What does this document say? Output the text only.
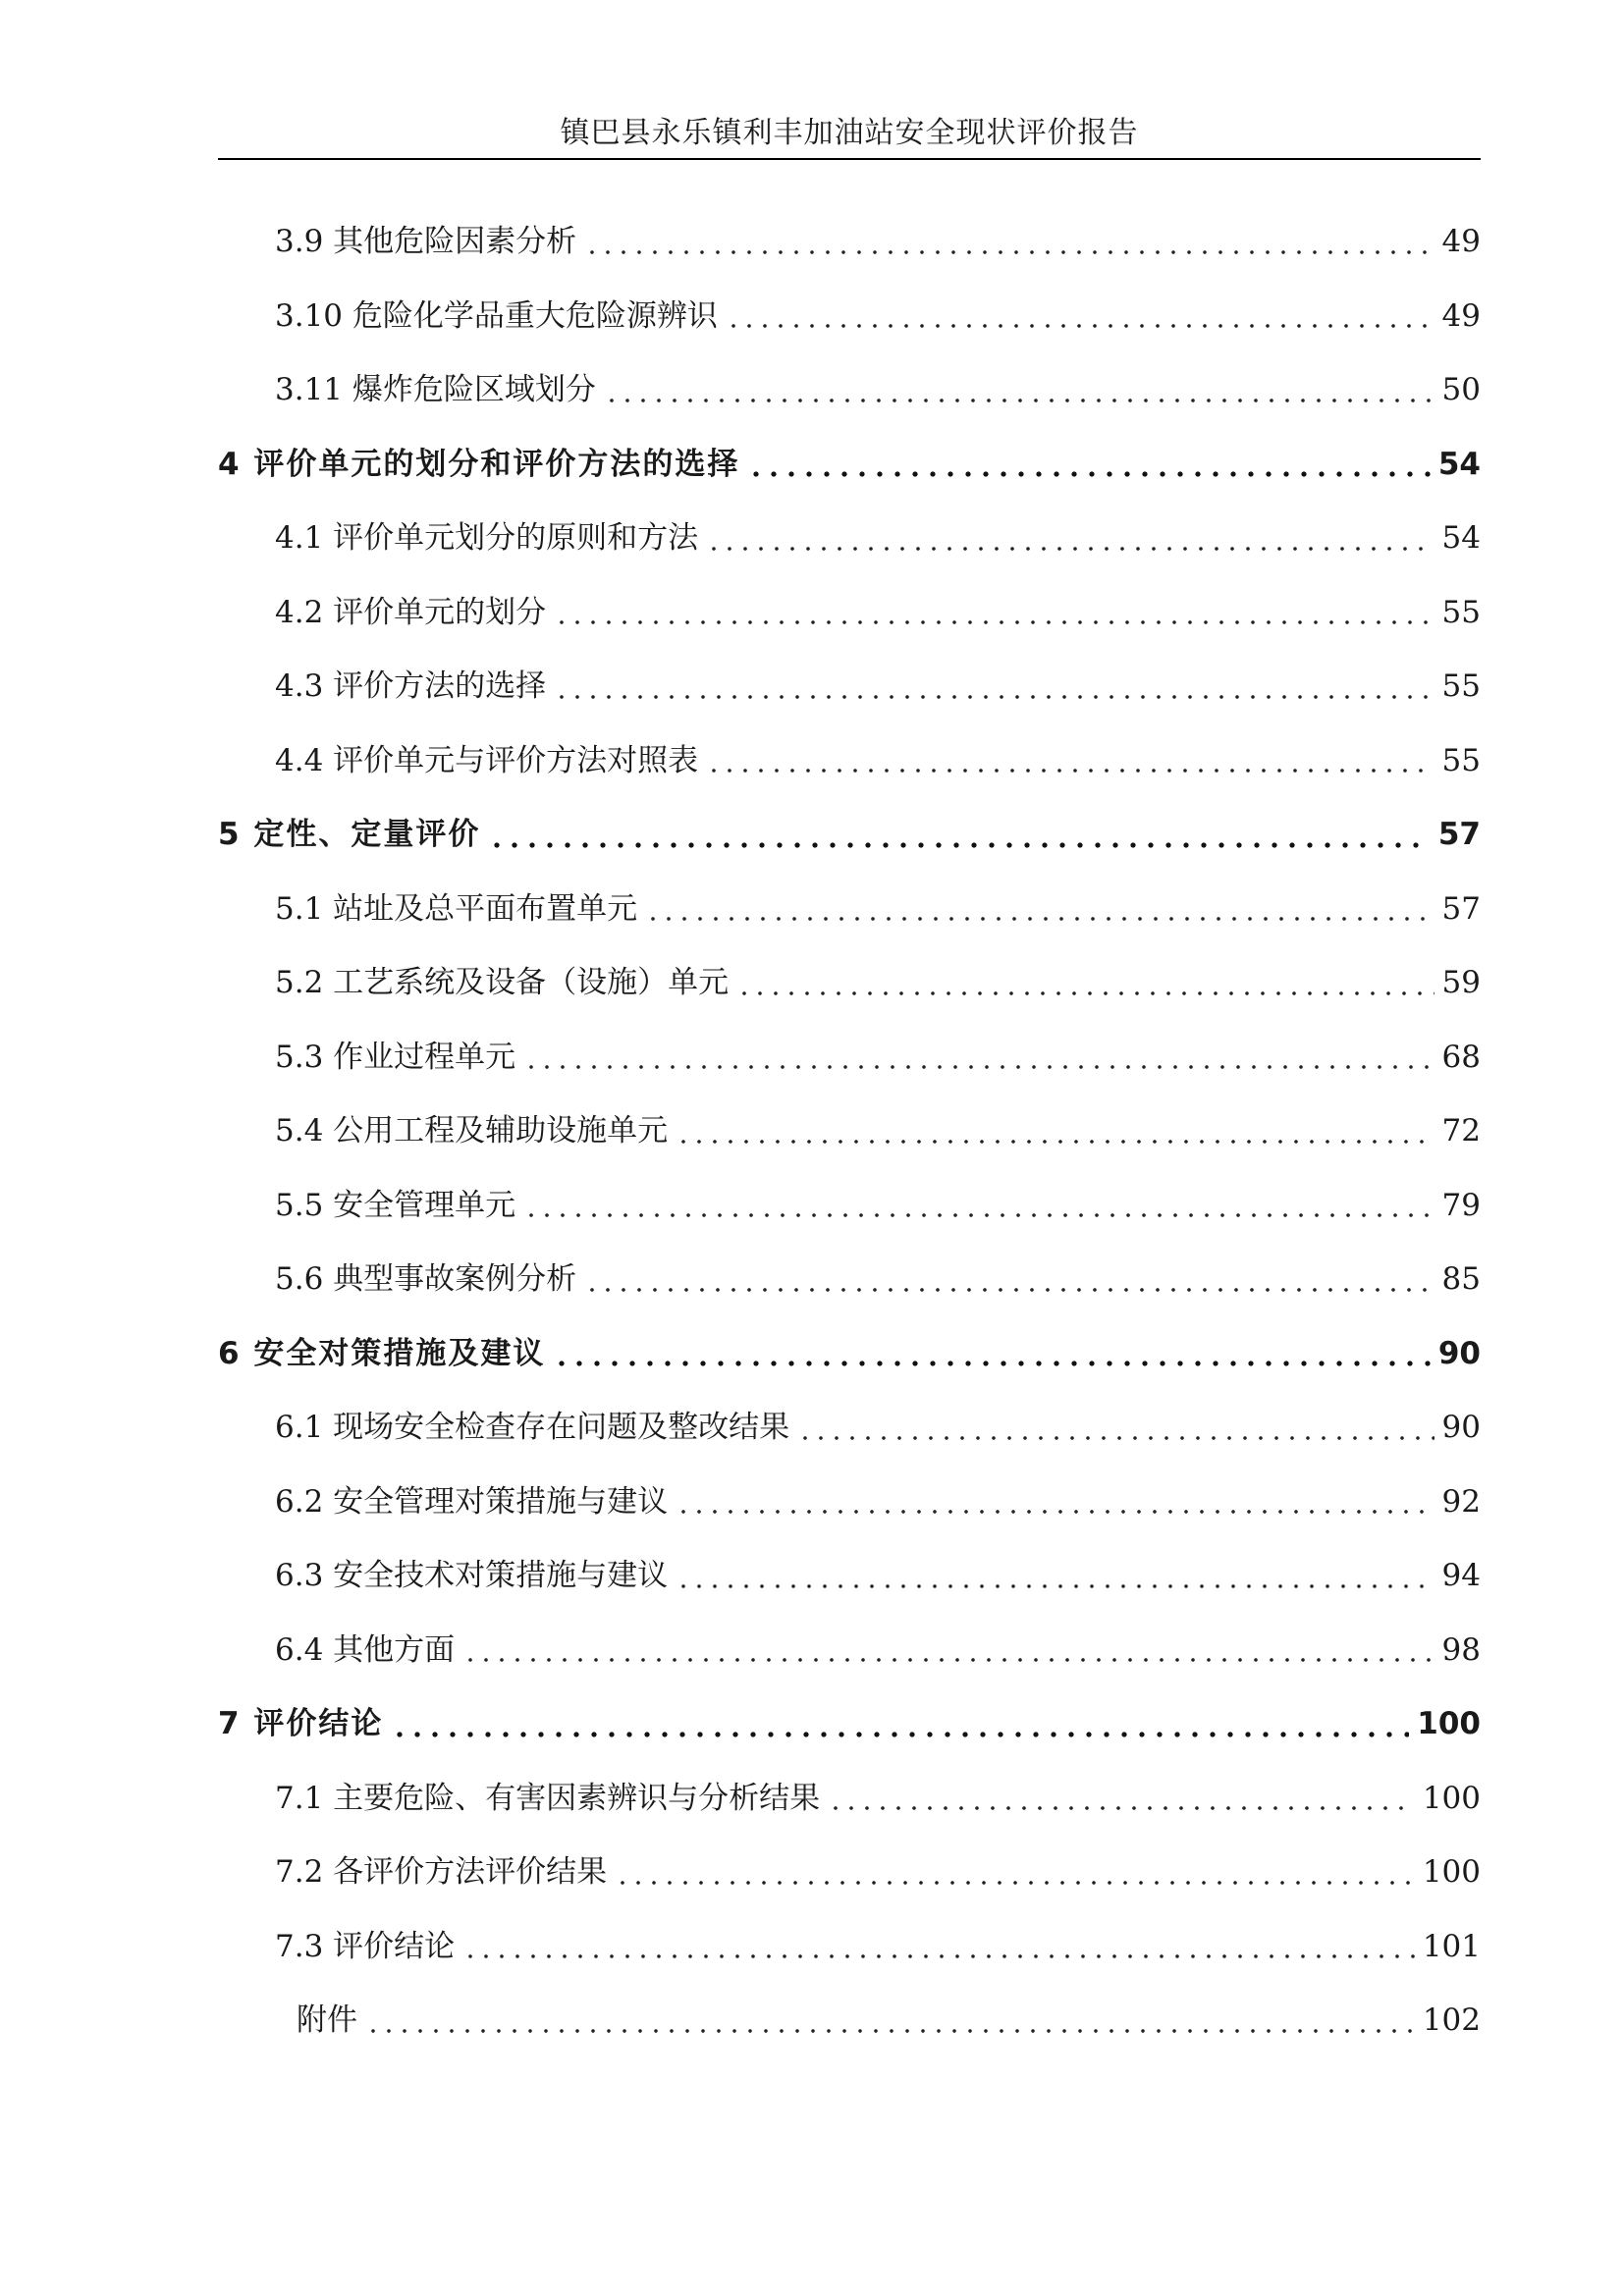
镇巴县永乐镇利丰加油站安全现状评价报告
3.9 其他危险因素分析	49
3.10 危险化学品重大危险源辨识	49
3.11 爆炸危险区域划分	50
4 评价单元的划分和评价方法的选择	54
4.1 评价单元划分的原则和方法	54
4.2 评价单元的划分	55
4.3 评价方法的选择	55
4.4 评价单元与评价方法对照表	55
5 定性、定量评价	57
5.1 站址及总平面布置单元	57
5.2 工艺系统及设备（设施）单元	59
5.3 作业过程单元	68
5.4 公用工程及辅助设施单元	72
5.5 安全管理单元	79
5.6 典型事故案例分析	85
6 安全对策措施及建议	90
6.1 现场安全检查存在问题及整改结果	90
6.2 安全管理对策措施与建议	92
6.3 安全技术对策措施与建议	94
6.4 其他方面	98
7 评价结论	100
7.1 主要危险、有害因素辨识与分析结果	100
7.2 各评价方法评价结果	100
7.3 评价结论	101
附件	102
